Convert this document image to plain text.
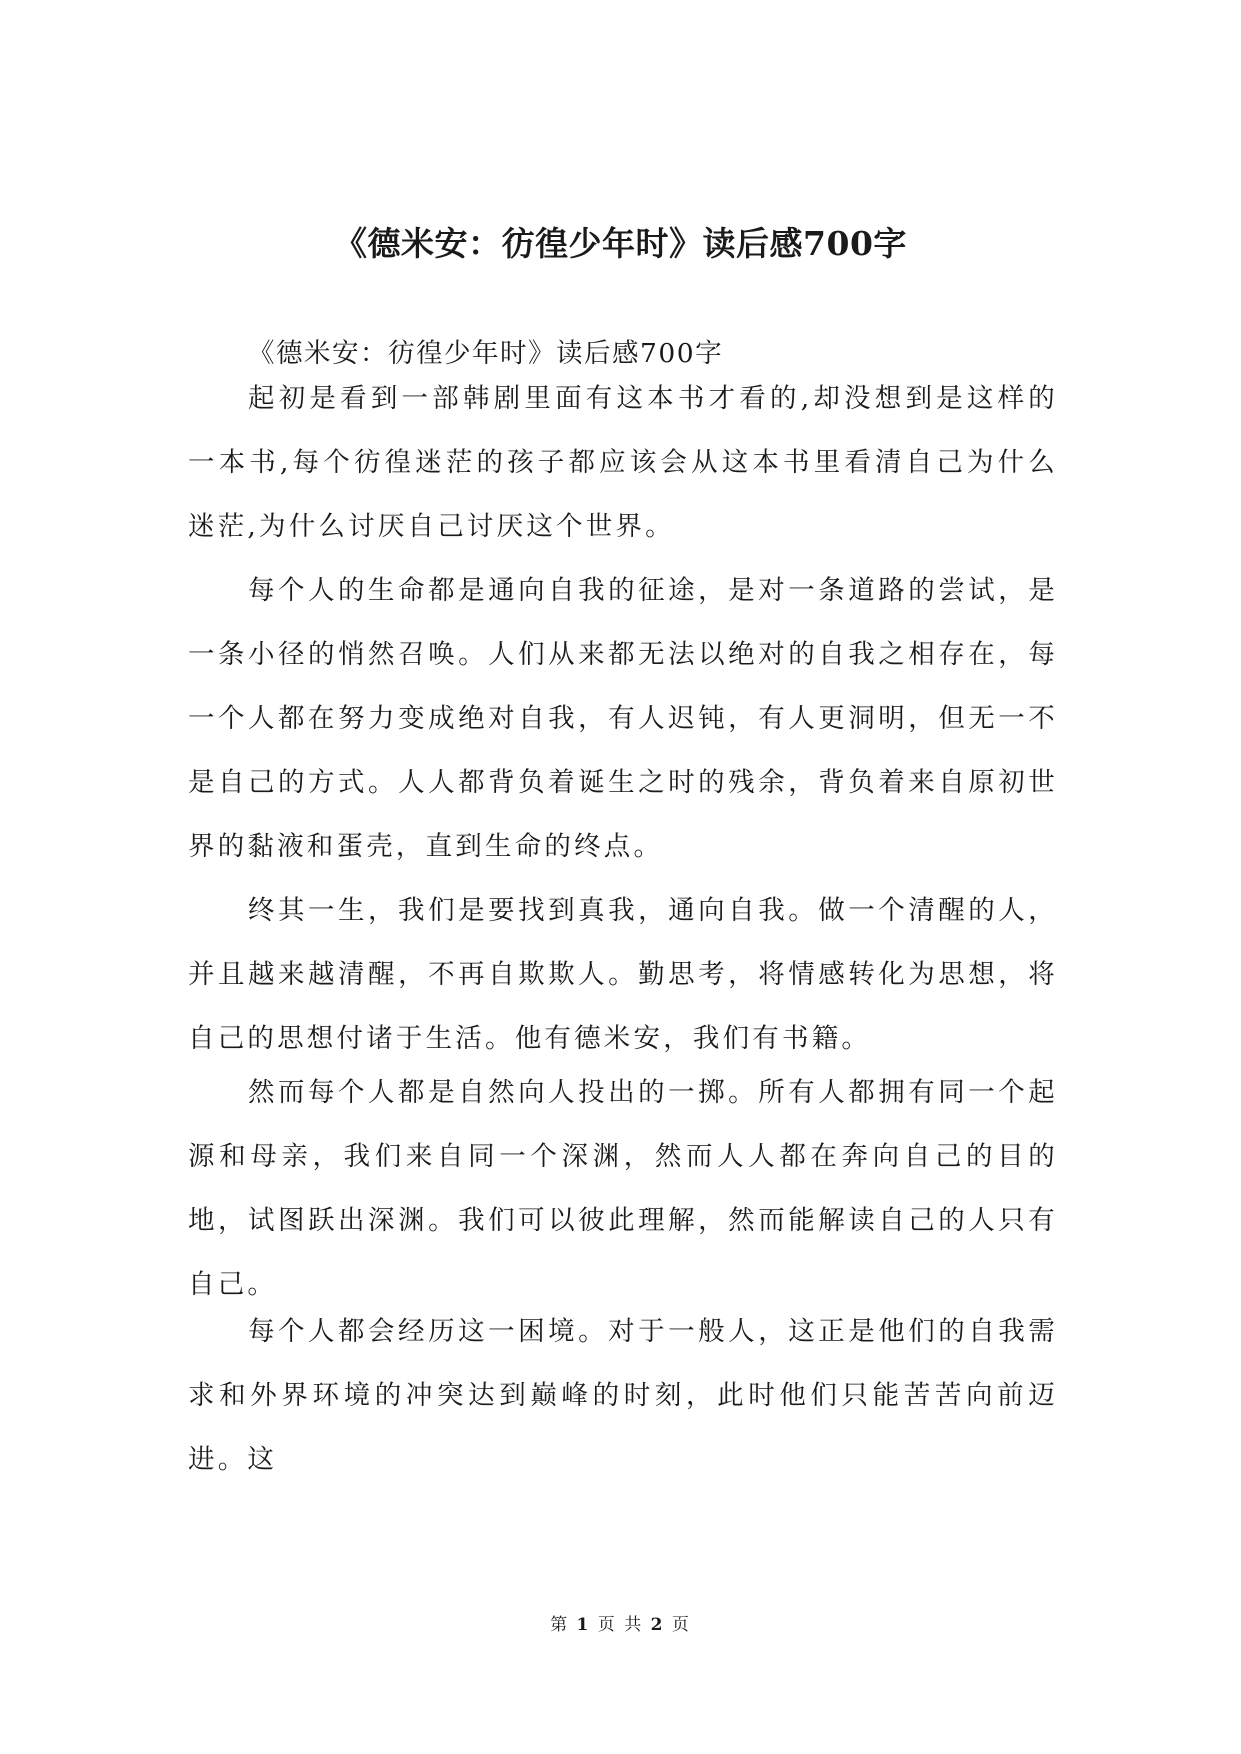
《德米安：彷徨少年时》读后感700字

《德米安：彷徨少年时》读后感700字

起初是看到一部韩剧里面有这本书才看的,却没想到是这样的一本书,每个彷徨迷茫的孩子都应该会从这本书里看清自己为什么迷茫,为什么讨厌自己讨厌这个世界。

每个人的生命都是通向自我的征途，是对一条道路的尝试，是一条小径的悄然召唤。人们从来都无法以绝对的自我之相存在，每一个人都在努力变成绝对自我，有人迟钝，有人更洞明，但无一不是自己的方式。人人都背负着诞生之时的残余，背负着来自原初世界的黏液和蛋壳，直到生命的终点。

终其一生，我们是要找到真我，通向自我。做一个清醒的人，并且越来越清醒，不再自欺欺人。勤思考，将情感转化为思想，将自己的思想付诸于生活。他有德米安，我们有书籍。

然而每个人都是自然向人投出的一掷。所有人都拥有同一个起源和母亲，我们来自同一个深渊，然而人人都在奔向自己的目的地，试图跃出深渊。我们可以彼此理解，然而能解读自己的人只有自己。

每个人都会经历这一困境。对于一般人，这正是他们的自我需求和外界环境的冲突达到巅峰的时刻，此时他们只能苦苦向前迈进。这

第 1 页 共 2 页
